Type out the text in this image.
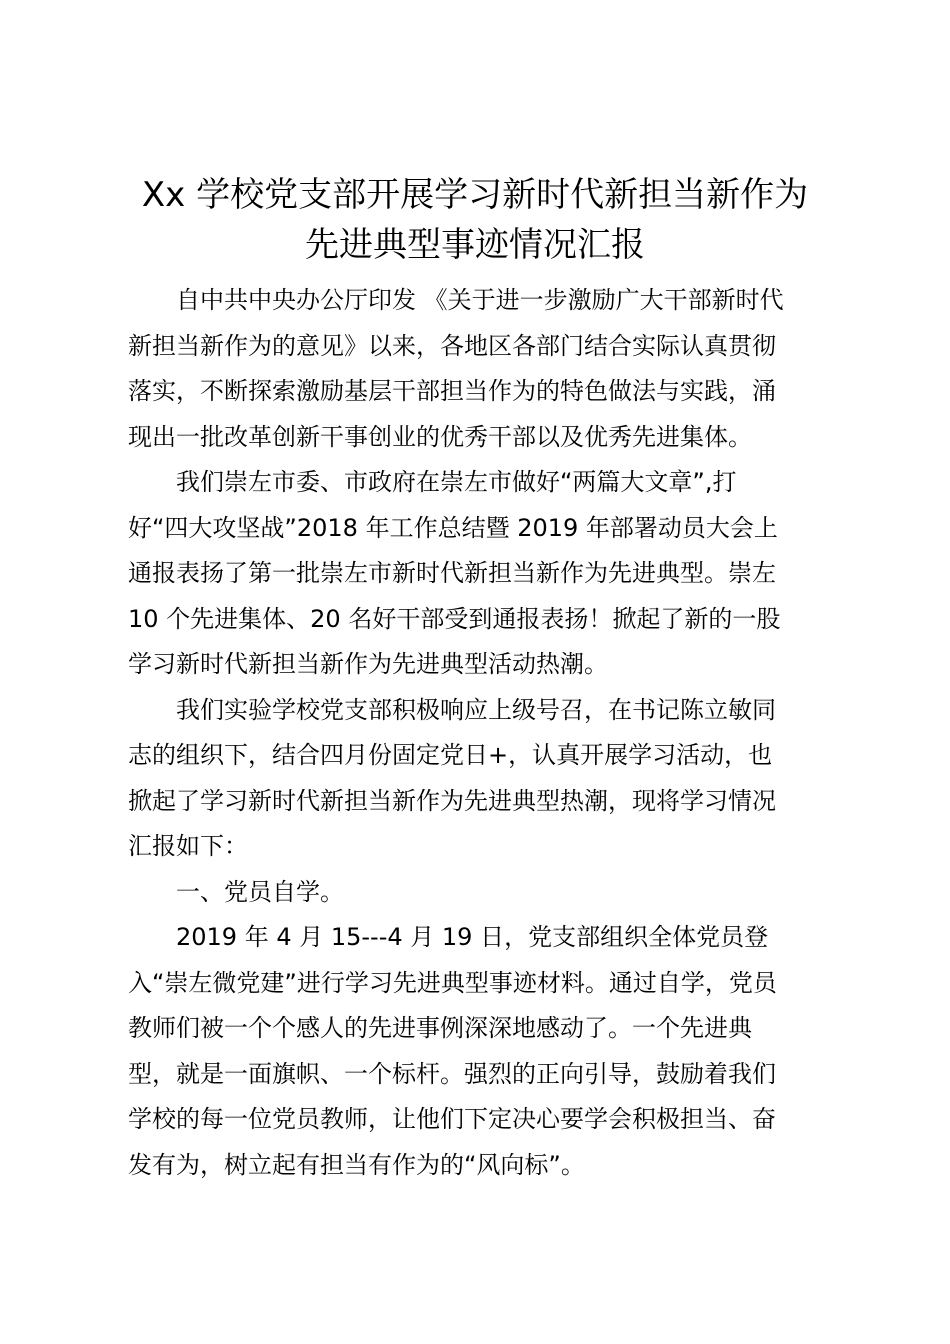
Xx 学校党支部开展学习新时代新担当新作为
先进典型事迹情况汇报
　　自中共中央办公厅印发 《关于进一步激励广大干部新时代
新担当新作为的意见》以来，各地区各部门结合实际认真贯彻
落实，不断探索激励基层干部担当作为的特色做法与实践，涌
现出一批改革创新干事创业的优秀干部以及优秀先进集体。
　　我们崇左市委、市政府在崇左市做好“两篇大文章”,打
好“四大攻坚战”2018 年工作总结暨 2019 年部署动员大会上
通报表扬了第一批崇左市新时代新担当新作为先进典型。崇左
10 个先进集体、20 名好干部受到通报表扬！掀起了新的一股
学习新时代新担当新作为先进典型活动热潮。
　　我们实验学校党支部积极响应上级号召，在书记陈立敏同
志的组织下，结合四月份固定党日+，认真开展学习活动，也
掀起了学习新时代新担当新作为先进典型热潮，现将学习情况
汇报如下：
　　一、党员自学。
　　2019 年 4 月 15---4 月 19 日，党支部组织全体党员登
入“崇左微党建”进行学习先进典型事迹材料。通过自学，党员
教师们被一个个感人的先进事例深深地感动了。一个先进典
型，就是一面旗帜、一个标杆。强烈的正向引导，鼓励着我们
学校的每一位党员教师，让他们下定决心要学会积极担当、奋
发有为，树立起有担当有作为的“风向标”。
